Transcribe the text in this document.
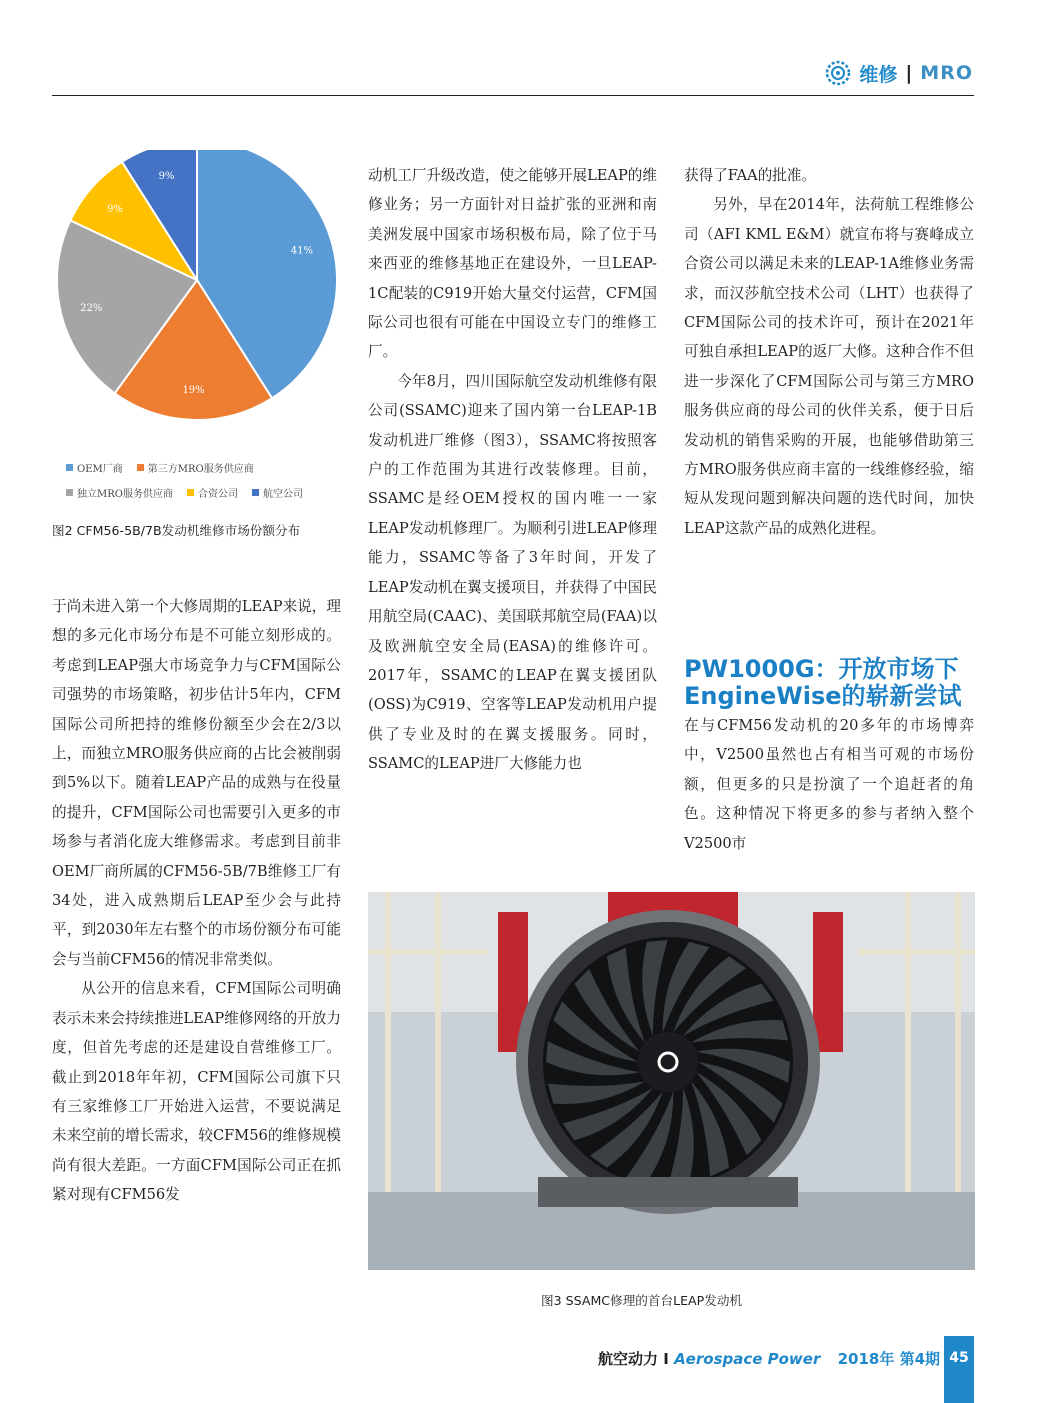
维修 | MRO
41%
19%
22%
9%
9%
OEM厂商	第三方MRO服务供应商
独立MRO服务供应商	合资公司	航空公司
图2 CFM56-5B/7B发动机维修市场份额分布

于尚未进入第一个大修周期的LEAP来说，理想的多元化市场分布是不可能立刻形成的。考虑到LEAP强大市场竞争力与CFM国际公司强势的市场策略，初步估计5年内，CFM国际公司所把持的维修份额至少会在2/3以上，而独立MRO服务供应商的占比会被削弱到5%以下。随着LEAP产品的成熟与在役量的提升，CFM国际公司也需要引入更多的市场参与者消化庞大维修需求。考虑到目前非OEM厂商所属的CFM56-5B/7B维修工厂有34处，进入成熟期后LEAP至少会与此持平，到2030年左右整个的市场份额分布可能会与当前CFM56的情况非常类似。

从公开的信息来看，CFM国际公司明确表示未来会持续推进LEAP维修网络的开放力度，但首先考虑的还是建设自营维修工厂。截止到2018年年初，CFM国际公司旗下只有三家维修工厂开始进入运营，不要说满足未来空前的增长需求，较CFM56的维修规模尚有很大差距。一方面CFM国际公司正在抓紧对现有CFM56发

动机工厂升级改造，使之能够开展LEAP的维修业务；另一方面针对日益扩张的亚洲和南美洲发展中国家市场积极布局，除了位于马来西亚的维修基地正在建设外，一旦LEAP-1C配装的C919开始大量交付运营，CFM国际公司也很有可能在中国设立专门的维修工厂。

今年8月，四川国际航空发动机维修有限公司(SSAMC)迎来了国内第一台LEAP-1B发动机进厂维修（图3），SSAMC将按照客户的工作范围为其进行改装修理。目前，SSAMC是经OEM授权的国内唯一一家LEAP发动机修理厂。为顺利引进LEAP修理能力，SSAMC等备了3年时间，开发了LEAP发动机在翼支援项目，并获得了中国民用航空局(CAAC)、美国联邦航空局(FAA)以及欧洲航空安全局(EASA)的维修许可。2017年，SSAMC的LEAP在翼支援团队(OSS)为C919、空客等LEAP发动机用户提供了专业及时的在翼支援服务。同时，SSAMC的LEAP进厂大修能力也

获得了FAA的批准。

另外，早在2014年，法荷航工程维修公司（AFI KML E&M）就宣布将与赛峰成立合资公司以满足未来的LEAP-1A维修业务需求，而汉莎航空技术公司（LHT）也获得了CFM国际公司的技术许可，预计在2021年可独自承担LEAP的返厂大修。这种合作不但进一步深化了CFM国际公司与第三方MRO服务供应商的母公司的伙伴关系，便于日后发动机的销售采购的开展，也能够借助第三方MRO服务供应商丰富的一线维修经验，缩短从发现问题到解决问题的迭代时间，加快LEAP这款产品的成熟化进程。

PW1000G：开放市场下
EngineWise的崭新尝试

在与CFM56发动机的20多年的市场博弈中，V2500虽然也占有相当可观的市场份额，但更多的只是扮演了一个追赶者的角色。这种情况下将更多的参与者纳入整个V2500市

图3 SSAMC修理的首台LEAP发动机
航空动力 I Aerospace Power 2018年 第4期 45
